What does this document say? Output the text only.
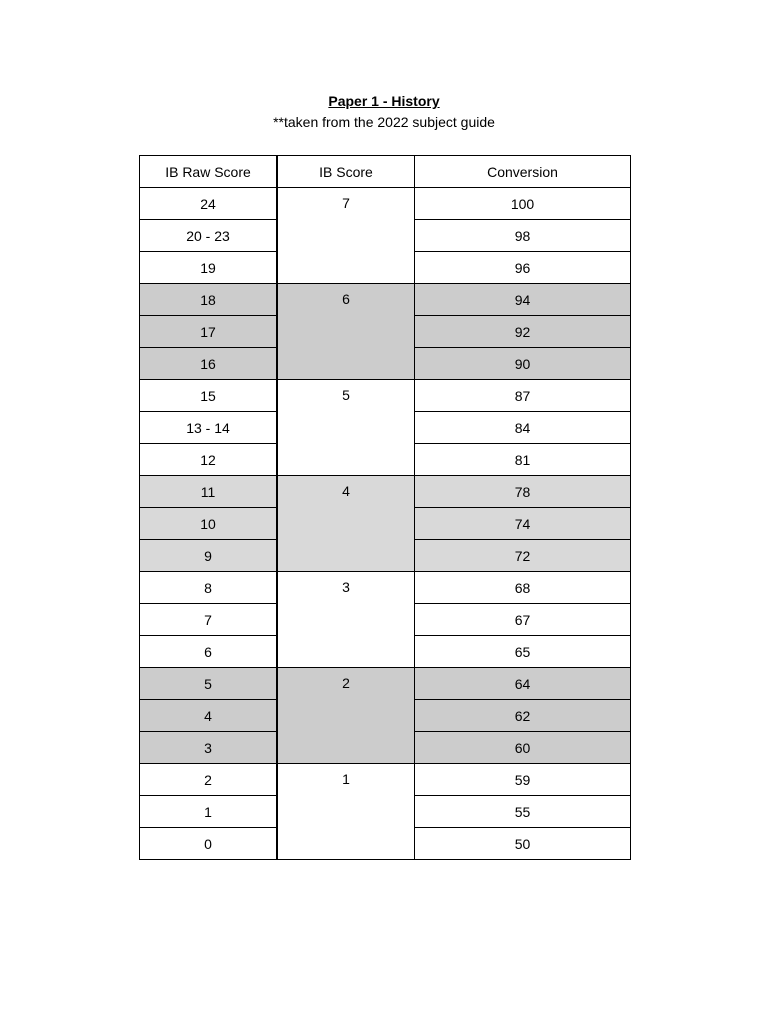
Paper 1 - History
**taken from the 2022 subject guide
IB Raw Score	IB Score	Conversion
24	7	100
20 - 23		98
19		96
18	6	94
17		92
16		90
15	5	87
13 - 14		84
12		81
11	4	78
10		74
9		72
8	3	68
7		67
6		65
5	2	64
4		62
3		60
2	1	59
1		55
0		50
